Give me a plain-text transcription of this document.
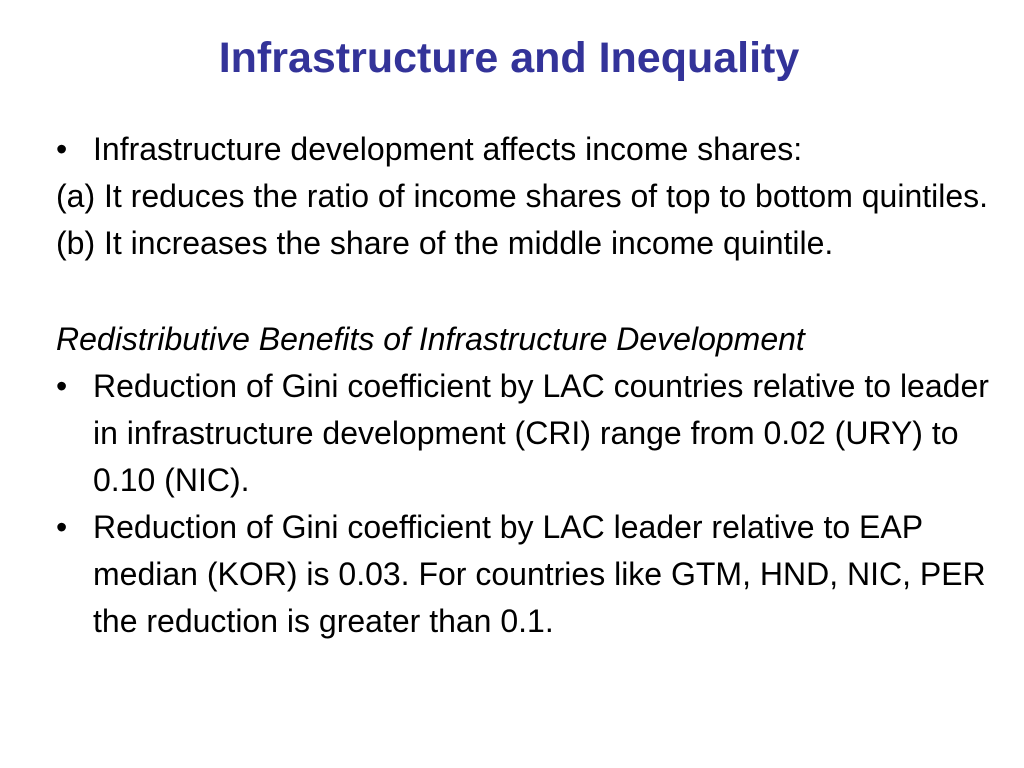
Infrastructure and Inequality

• Infrastructure development affects income shares:

(a) It reduces the ratio of income shares of top to bottom quintiles.

(b) It increases the share of the middle income quintile.

Redistributive Benefits of Infrastructure Development

• Reduction of Gini coefficient by LAC countries relative to leader in infrastructure development (CRI) range from 0.02 (URY) to 0.10 (NIC).

• Reduction of Gini coefficient by LAC leader relative to EAP median (KOR) is 0.03. For countries like GTM, HND, NIC, PER the reduction is greater than 0.1.
